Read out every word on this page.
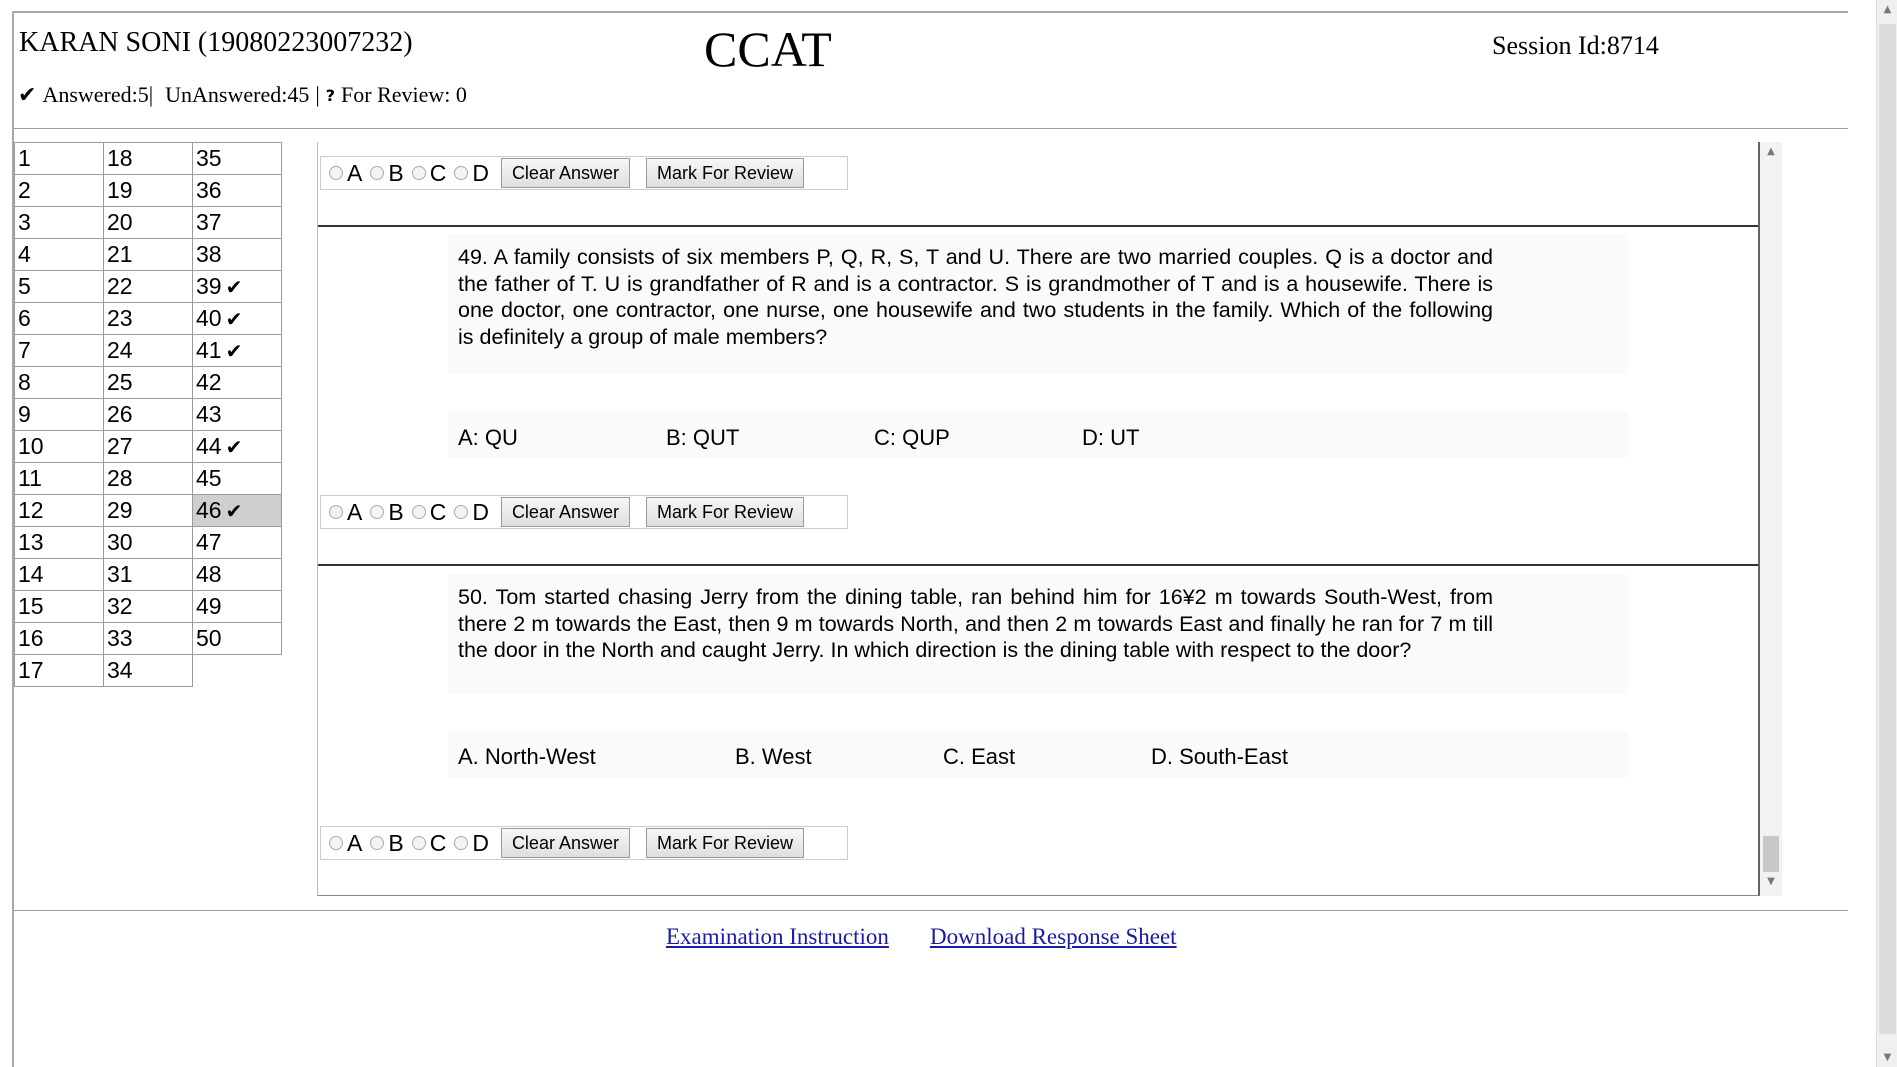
KARAN SONI (19080223007232)	CCAT	Session Id:8714
✔ Answered:5 | UnAnswered:45 | ? For Review: 0
1	18	35
2	19	36
3	20	37
4	21	38
5	22	39 ✔
6	23	40 ✔
7	24	41 ✔
8	25	42
9	26	43
10	27	44 ✔
11	28	45
12	29	46 ✔
13	30	47
14	31	48
15	32	49
16	33	50
17	34	
A B C D	Clear Answer	Mark For Review
49. A family consists of six members P, Q, R, S, T and U. There are two married couples. Q is a doctor and the father of T. U is grandfather of R and is a contractor. S is grandmother of T and is a housewife. There is one doctor, one contractor, one nurse, one housewife and two students in the family. Which of the following is definitely a group of male members?
A: QU	B: QUT	C: QUP	D: UT
A B C D	Clear Answer	Mark For Review
50. Tom started chasing Jerry from the dining table, ran behind him for 16¥2 m towards South-West, from there 2 m towards the East, then 9 m towards North, and then 2 m towards East and finally he ran for 7 m till the door in the North and caught Jerry. In which direction is the dining table with respect to the door?
A. North-West	B. West	C. East	D. South-East
A B C D	Clear Answer	Mark For Review
▲
▼
Examination Instruction Download Response Sheet
▲
▼
